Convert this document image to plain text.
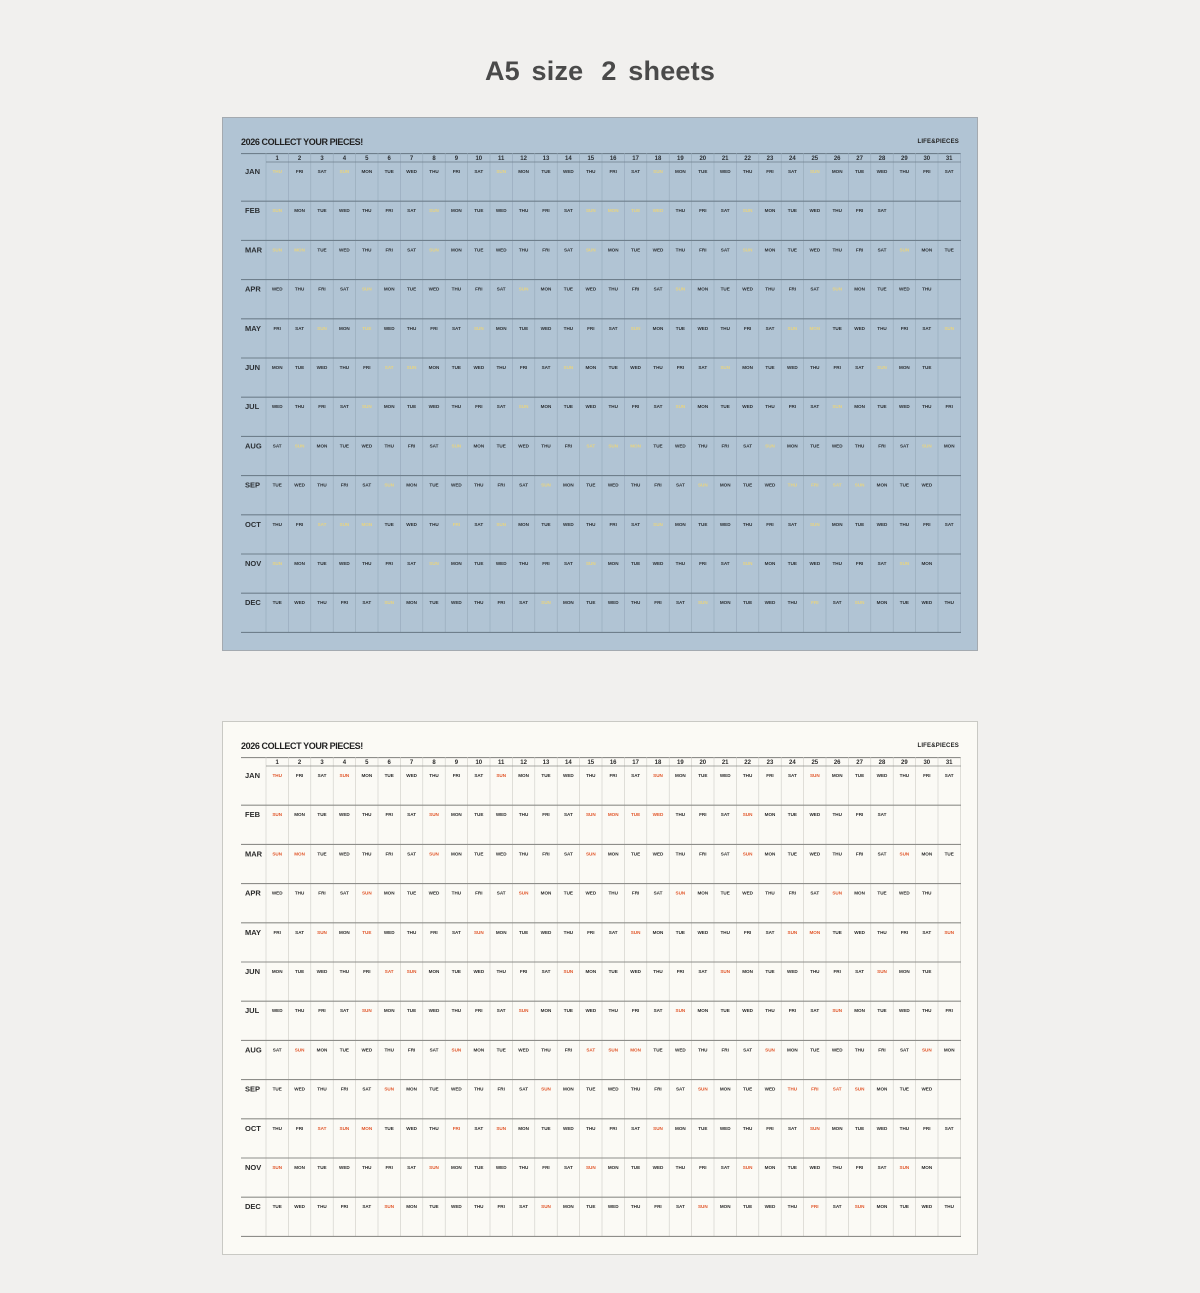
A5 size 2 sheets
2026 COLLECT YOUR PIECES!	LIFE&PIECES
1	2	3	4	5	6	7	8	9	10	11	12	13	14	15	16	17	18	19	20	21	22	23	24	25	26	27	28	29	30	31
JAN	THU	FRI	SAT	SUN	MON	TUE	WED	THU	FRI	SAT	SUN	MON	TUE	WED	THU	FRI	SAT	SUN	MON	TUE	WED	THU	FRI	SAT	SUN	MON	TUE	WED	THU	FRI	SAT
FEB	SUN	MON	TUE	WED	THU	FRI	SAT	SUN	MON	TUE	WED	THU	FRI	SAT	SUN	MON	TUE	WED	THU	FRI	SAT	SUN	MON	TUE	WED	THU	FRI	SAT
MAR SUN	MON	TUE	WED	THU	FRI	SAT	SUN	MON	TUE	WED	THU	FRI	SAT	SUN	MON	TUE	WED	THU	FRI	SAT	SUN	MON	TUE	WED	THU	FRI	SAT	SUN	MON	TUE
APR WED	THU	FRI	SAT	SUN	MON	TUE	WED	THU	FRI	SAT	SUN	MON	TUE	WED	THU	FRI	SAT	SUN	MON	TUE	WED	THU	FRI	SAT	SUN	MON	TUE	WED	THU
MAY	FRI	SAT	SUN	MON	TUE	WED	THU	FRI	SAT	SUN	MON	TUE	WED	THU	FRI	SAT	SUN	MON	TUE	WED	THU	FRI	SAT	SUN	MON	TUE	WED	THU	FRI	SAT	SUN
JUN	MON	TUE	WED	THU	FRI	SAT	SUN	MON	TUE	WED	THU	FRI	SAT	SUN	MON	TUE	WED	THU	FRI	SAT	SUN	MON	TUE	WED	THU	FRI	SAT	SUN	MON	TUE
JUL	WED	THU	FRI	SAT	SUN	MON	TUE	WED	THU	FRI	SAT	SUN	MON	TUE	WED	THU	FRI	SAT	SUN	MON	TUE	WED	THU	FRI	SAT	SUN	MON	TUE	WED	THU	FRI
AUG SAT	SUN	MON	TUE	WED	THU	FRI	SAT	SUN	MON	TUE	WED	THU	FRI	SAT	SUN	MON	TUE	WED	THU	FRI	SAT	SUN	MON	TUE	WED	THU	FRI	SAT	SUN	MON
SEP	TUE	WED	THU	FRI	SAT	SUN	MON	TUE	WED	THU	FRI	SAT	SUN	MON	TUE	WED	THU	FRI	SAT	SUN	MON	TUE	WED	THU	FRI	SAT	SUN	MON	TUE	WED
OCT	THU	FRI	SAT	SUN	MON	TUE	WED	THU	FRI	SAT	SUN	MON	TUE	WED	THU	FRI	SAT	SUN	MON	TUE	WED	THU	FRI	SAT	SUN	MON	TUE	WED	THU	FRI	SAT
NOV SUN	MON	TUE	WED	THU	FRI	SAT	SUN	MON	TUE	WED	THU	FRI	SAT	SUN	MON	TUE	WED	THU	FRI	SAT	SUN	MON	TUE	WED	THU	FRI	SAT	SUN	MON
DEC	TUE	WED	THU	FRI	SAT	SUN	MON	TUE	WED	THU	FRI	SAT	SUN	MON	TUE	WED	THU	FRI	SAT	SUN	MON	TUE	WED	THU	FRI	SAT	SUN	MON	TUE	WED	THU
2026 COLLECT YOUR PIECES!	LIFE&PIECES
1	2	3	4	5	6	7	8	9	10	11	12	13	14	15	16	17	18	19	20	21	22	23	24	25	26	27	28	29	30	31
JAN	THU	FRI	SAT	SUN	MON	TUE	WED	THU	FRI	SAT	SUN	MON	TUE	WED	THU	FRI	SAT	SUN	MON	TUE	WED	THU	FRI	SAT	SUN	MON	TUE	WED	THU	FRI	SAT
FEB	SUN	MON	TUE	WED	THU	FRI	SAT	SUN	MON	TUE	WED	THU	FRI	SAT	SUN	MON	TUE	WED	THU	FRI	SAT	SUN	MON	TUE	WED	THU	FRI	SAT
MAR SUN	MON	TUE	WED	THU	FRI	SAT	SUN	MON	TUE	WED	THU	FRI	SAT	SUN	MON	TUE	WED	THU	FRI	SAT	SUN	MON	TUE	WED	THU	FRI	SAT	SUN	MON	TUE
APR WED	THU	FRI	SAT	SUN	MON	TUE	WED	THU	FRI	SAT	SUN	MON	TUE	WED	THU	FRI	SAT	SUN	MON	TUE	WED	THU	FRI	SAT	SUN	MON	TUE	WED	THU
MAY	FRI	SAT	SUN	MON	TUE	WED	THU	FRI	SAT	SUN	MON	TUE	WED	THU	FRI	SAT	SUN	MON	TUE	WED	THU	FRI	SAT	SUN	MON	TUE	WED	THU	FRI	SAT	SUN
JUN	MON	TUE	WED	THU	FRI	SAT	SUN	MON	TUE	WED	THU	FRI	SAT	SUN	MON	TUE	WED	THU	FRI	SAT	SUN	MON	TUE	WED	THU	FRI	SAT	SUN	MON	TUE
JUL	WED	THU	FRI	SAT	SUN	MON	TUE	WED	THU	FRI	SAT	SUN	MON	TUE	WED	THU	FRI	SAT	SUN	MON	TUE	WED	THU	FRI	SAT	SUN	MON	TUE	WED	THU	FRI
AUG SAT	SUN	MON	TUE	WED	THU	FRI	SAT	SUN	MON	TUE	WED	THU	FRI	SAT	SUN	MON	TUE	WED	THU	FRI	SAT	SUN	MON	TUE	WED	THU	FRI	SAT	SUN	MON
SEP	TUE	WED	THU	FRI	SAT	SUN	MON	TUE	WED	THU	FRI	SAT	SUN	MON	TUE	WED	THU	FRI	SAT	SUN	MON	TUE	WED	THU	FRI	SAT	SUN	MON	TUE	WED
OCT	THU	FRI	SAT	SUN	MON	TUE	WED	THU	FRI	SAT	SUN	MON	TUE	WED	THU	FRI	SAT	SUN	MON	TUE	WED	THU	FRI	SAT	SUN	MON	TUE	WED	THU	FRI	SAT
NOV SUN	MON	TUE	WED	THU	FRI	SAT	SUN	MON	TUE	WED	THU	FRI	SAT	SUN	MON	TUE	WED	THU	FRI	SAT	SUN	MON	TUE	WED	THU	FRI	SAT	SUN	MON
DEC	TUE	WED	THU	FRI	SAT	SUN	MON	TUE	WED	THU	FRI	SAT	SUN	MON	TUE	WED	THU	FRI	SAT	SUN	MON	TUE	WED	THU	FRI	SAT	SUN	MON	TUE	WED	THU
